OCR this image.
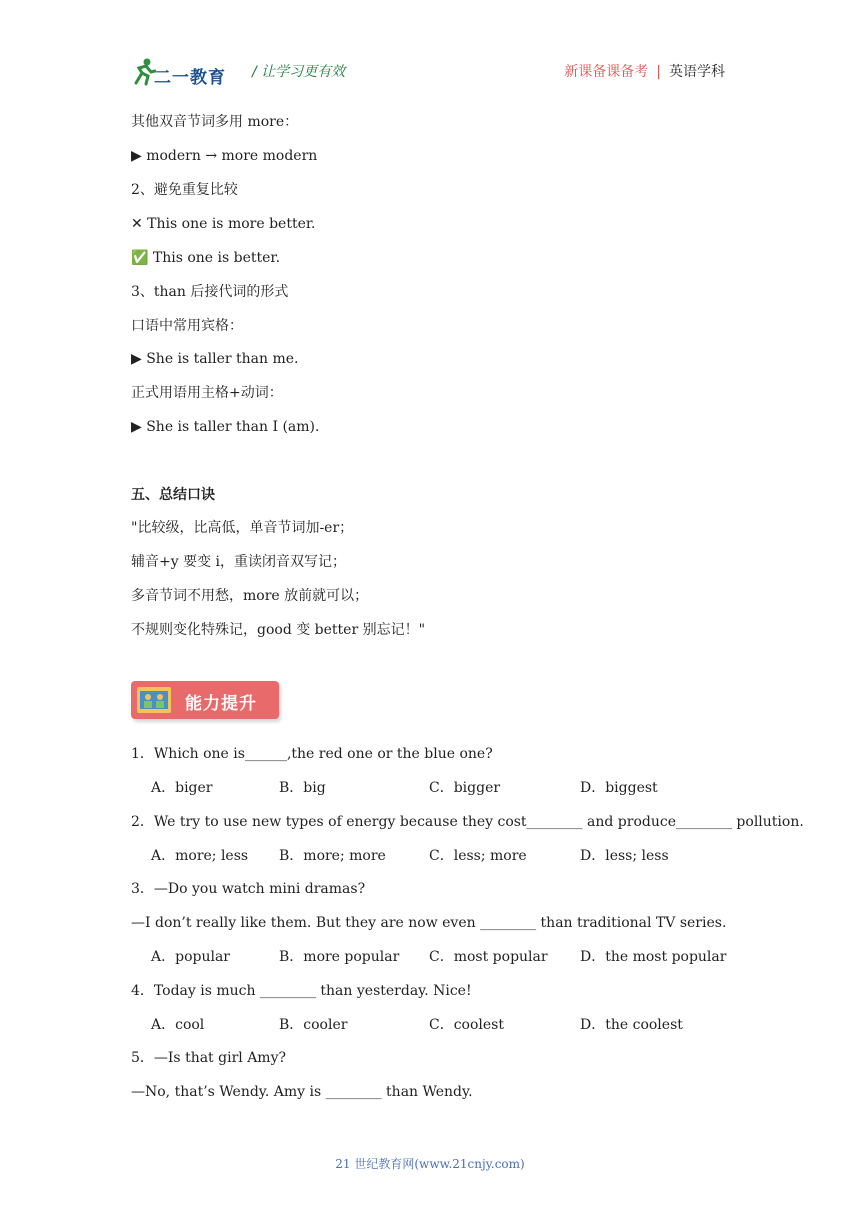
二一教育 / 让学习更有效	新课备课备考 | 英语学科
其他双音节词多用 more：
▶ modern → more modern
2、避免重复比较
✕ This one is more better.
✅ This one is better.
3、than 后接代词的形式
口语中常用宾格：
▶ She is taller than me.
正式用语用主格+动词：
▶ She is taller than I (am).
五、总结口诀
"比较级，比高低，单音节词加-er；
辅音+y 要变 i，重读闭音双写记；
多音节词不用愁，more 放前就可以；
不规则变化特殊记，good 变 better 别忘记！"
能力提升
1．Which one is______,the red one or the blue one?
A．biger	B．big	C．bigger	D．biggest
2．We try to use new types of energy because they cost________ and produce________ pollution.
A．more; less B．more; more	C．less; more	D．less; less
3．—Do you watch mini dramas?
—I don’t really like them. But they are now even ________ than traditional TV series.
A．popular	B．more popular C．most popular D．the most popular
4．Today is much ________ than yesterday. Nice!
A．cool	B．cooler	C．coolest	D．the coolest
5．—Is that girl Amy?
—No, that’s Wendy. Amy is ________ than Wendy.
21 世纪教育网(www.21cnjy.com)
